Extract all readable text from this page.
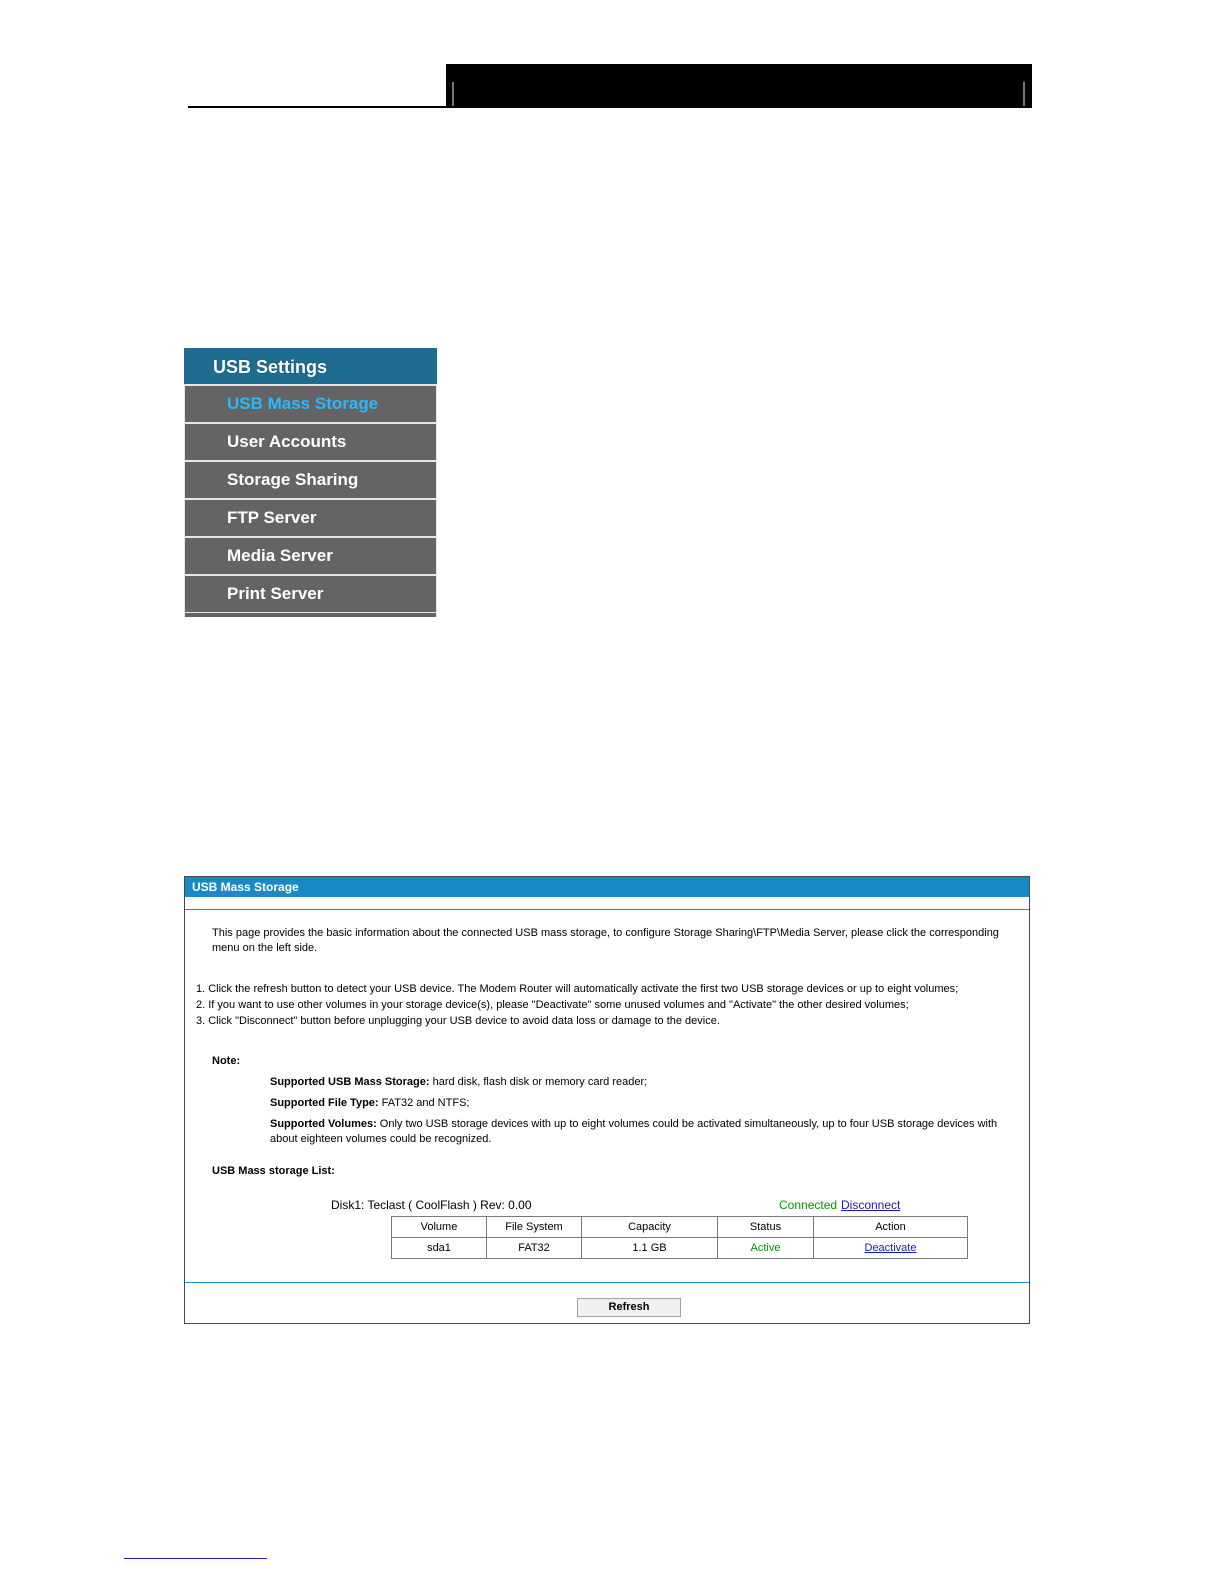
USB Settings
USB Mass Storage
User Accounts
Storage Sharing
FTP Server
Media Server
Print Server
USB Mass Storage
This page provides the basic information about the connected USB mass storage, to configure Storage Sharing\FTP\Media Server, please click the corresponding menu on the left side.
1. Click the refresh button to detect your USB device. The Modem Router will automatically activate the first two USB storage devices or up to eight volumes;
2. If you want to use other volumes in your storage device(s), please "Deactivate" some unused volumes and "Activate" the other desired volumes;
3. Click "Disconnect" button before unplugging your USB device to avoid data loss or damage to the device.
Note:
Supported USB Mass Storage: hard disk, flash disk or memory card reader;
Supported File Type: FAT32 and NTFS;
Supported Volumes: Only two USB storage devices with up to eight volumes could be activated simultaneously, up to four USB storage devices with about eighteen volumes could be recognized.
USB Mass storage List:
Disk1: Teclast ( CoolFlash ) Rev: 0.00	Connected Disconnect
Volume	File System	Capacity	Status	Action
sda1	FAT32	1.1 GB	Active	Deactivate
Refresh
